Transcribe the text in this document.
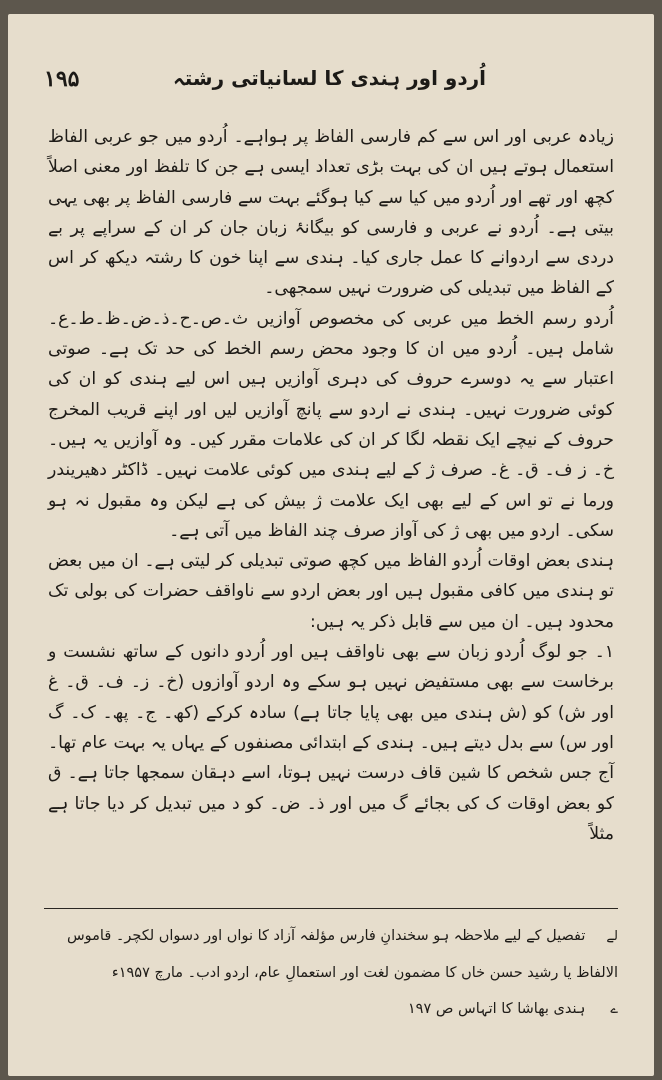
۱۹۵	اُردو اور ہندی کا لسانیاتی رشتہ

زیادہ عربی اور اس سے کم فارسی الفاظ پر ہواہے۔ اُردو میں جو عربی الفاظ استعمال ہوتے ہیں ان کی بہت بڑی تعداد ایسی ہے جن کا تلفظ اور معنی اصلاً کچھ اور تھے اور اُردو میں کیا سے کیا ہوگئے بہت سے فارسی الفاظ پر بھی یہی بیتی ہے۔ اُردو نے عربی و فارسی کو بیگانۂ زبان جان کر ان کے سراپے پر بے دردی سے اردوانے کا عمل جاری کیا۔ ہندی سے اپنا خون کا رشتہ دیکھ کر اس کے الفاظ میں تبدیلی کی ضرورت نہیں سمجھی۔

اُردو رسم الخط میں عربی کی مخصوص آوازیں ث۔ص۔ح۔ذ۔ض۔ظ۔ط۔ع۔شامل ہیں۔ اُردو میں ان کا وجود محض رسم الخط کی حد تک ہے۔ صوتی اعتبار سے یہ دوسرے حروف کی دہری آوازیں ہیں اس لیے ہندی کو ان کی کوئی ضرورت نہیں۔ ہندی نے اردو سے پانچ آوازیں لیں اور اپنے قریب المخرج حروف کے نیچے ایک نقطہ لگا کر ان کی علامات مقرر کیں۔ وہ آوازیں یہ ہیں۔ خ۔ ز ف۔ ق۔ غ۔ صرف ژ کے لیے ہندی میں کوئی علامت نہیں۔ ڈاکٹر دھیریندر ورما نے تو اس کے لیے بھی ایک علامت ژ بیش کی ہے لیکن وہ مقبول نہ ہو سکی۔ اردو میں بھی ژ کی آواز صرف چند الفاظ میں آتی ہے۔

ہندی بعض اوقات اُردو الفاظ میں کچھ صوتی تبدیلی کر لیتی ہے۔ ان میں بعض تو ہندی میں کافی مقبول ہیں اور بعض اردو سے ناواقف حضرات کی بولی تک محدود ہیں۔ ان میں سے قابل ذکر یہ ہیں:

۱۔ جو لوگ اُردو زبان سے بھی ناواقف ہیں اور اُردو دانوں کے ساتھ نشست و برخاست سے بھی مستفیض نہیں ہو سکے وہ اردو آوازوں (خ۔ ز۔ ف۔ ق۔ غ اور ش) کو (ش ہندی میں بھی پایا جاتا ہے) سادہ کرکے (کھ۔ ج۔ پھ۔ ک۔ گ اور س) سے بدل دیتے ہیں۔ ہندی کے ابتدائی مصنفوں کے یہاں یہ بہت عام تھا۔ آج جس شخص کا شین قاف درست نہیں ہوتا، اسے دہقان سمجھا جاتا ہے۔ ق کو بعض اوقات ک کی بجائے گ میں اور ذ۔ ض۔ کو د میں تبدیل کر دیا جاتا ہے مثلاً

لے تفصیل کے لیے ملاحظہ ہو سخندانِ فارس مؤلفہ آزاد کا نواں اور دسواں لکچر۔ قاموس الالفاظ یا رشید حسن خاں کا مضمون لغت اور استعمالِ عام، اردو ادب۔ مارچ ۱۹۵۷ء

ے ہندی بھاشا کا اتہاس ص ۱۹۷
